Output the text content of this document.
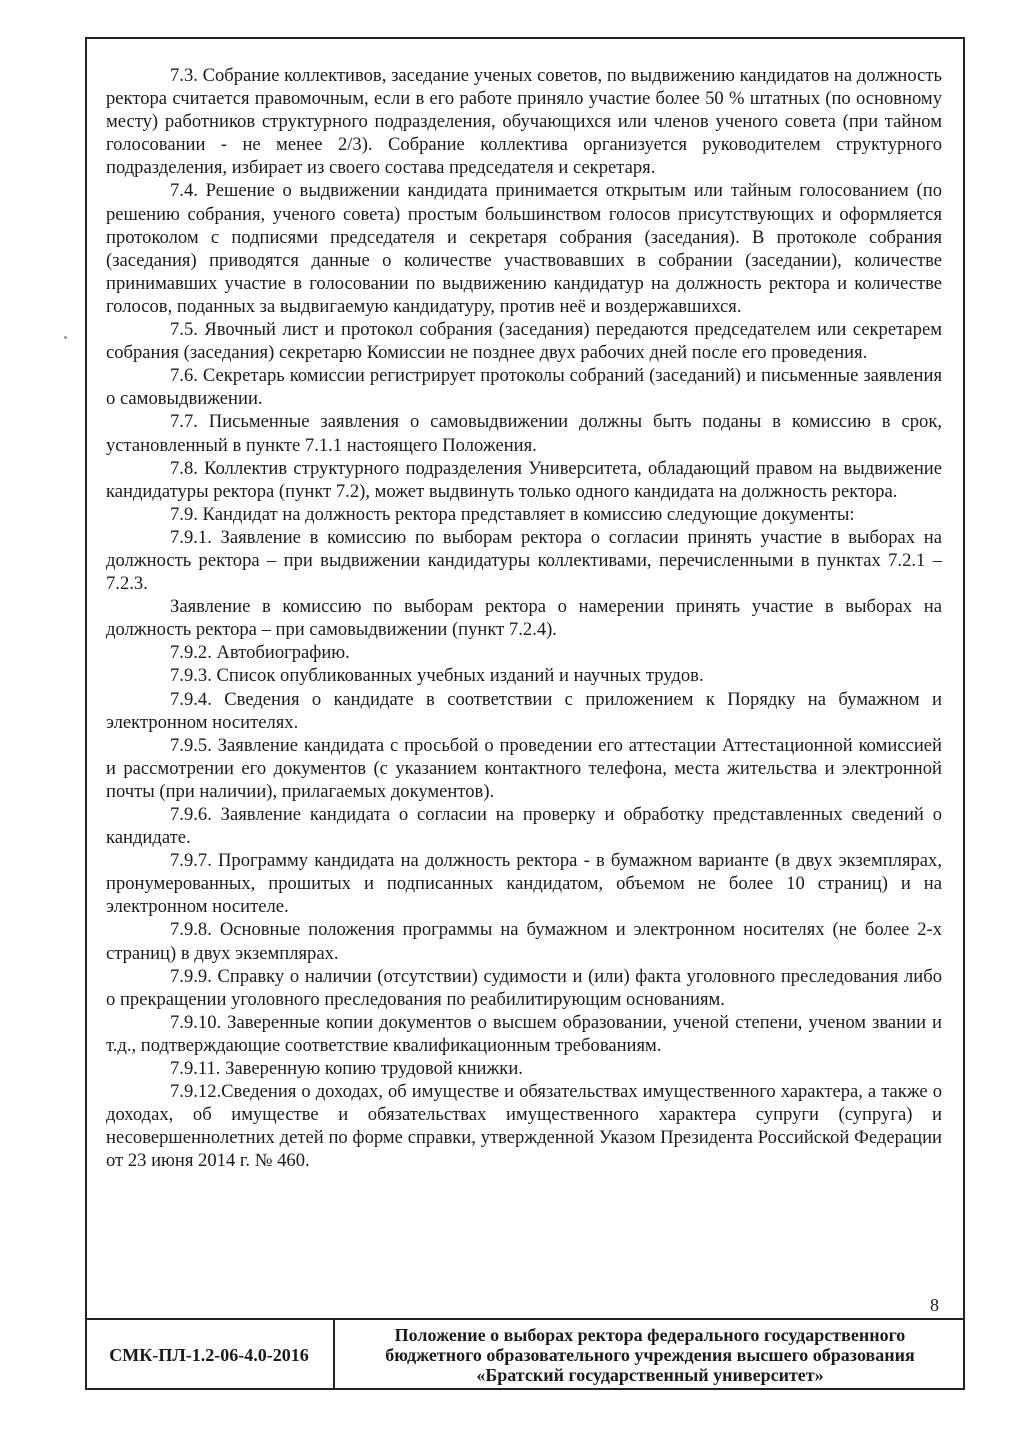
7.3. Собрание коллективов, заседание ученых советов, по выдвижению кандидатов на должность ректора считается правомочным, если в его работе приняло участие более 50 % штатных (по основному месту) работников структурного подразделения, обучающихся или членов ученого совета (при тайном голосовании - не менее 2/3). Собрание коллектива организуется руководителем структурного подразделения, избирает из своего состава председателя и секретаря.

7.4. Решение о выдвижении кандидата принимается открытым или тайным голосованием (по решению собрания, ученого совета) простым большинством голосов присутствующих и оформляется протоколом с подписями председателя и секретаря собрания (заседания). В протоколе собрания (заседания) приводятся данные о количестве участвовавших в собрании (заседании), количестве принимавших участие в голосовании по выдвижению кандидатур на должность ректора и количестве голосов, поданных за выдвигаемую кандидатуру, против неё и воздержавшихся.

7.5. Явочный лист и протокол собрания (заседания) передаются председателем или секретарем собрания (заседания) секретарю Комиссии не позднее двух рабочих дней после его проведения.

7.6. Секретарь комиссии регистрирует протоколы собраний (заседаний) и письменные заявления о самовыдвижении.

7.7. Письменные заявления о самовыдвижении должны быть поданы в комиссию в срок, установленный в пункте 7.1.1 настоящего Положения.

7.8. Коллектив структурного подразделения Университета, обладающий правом на выдвижение кандидатуры ректора (пункт 7.2), может выдвинуть только одного кандидата на должность ректора.

7.9. Кандидат на должность ректора представляет в комиссию следующие документы:

7.9.1. Заявление в комиссию по выборам ректора о согласии принять участие в выборах на должность ректора – при выдвижении кандидатуры коллективами, перечисленными в пунктах 7.2.1 – 7.2.3.

Заявление в комиссию по выборам ректора о намерении принять участие в выборах на должность ректора – при самовыдвижении (пункт 7.2.4).

7.9.2. Автобиографию.

7.9.3. Список опубликованных учебных изданий и научных трудов.

7.9.4. Сведения о кандидате в соответствии с приложением к Порядку на бумажном и электронном носителях.

7.9.5. Заявление кандидата с просьбой о проведении его аттестации Аттестационной комиссией и рассмотрении его документов (с указанием контактного телефона, места жительства и электронной почты (при наличии), прилагаемых документов).

7.9.6. Заявление кандидата о согласии на проверку и обработку представленных сведений о кандидате.

7.9.7. Программу кандидата на должность ректора - в бумажном варианте (в двух экземплярах, пронумерованных, прошитых и подписанных кандидатом, объемом не более 10 страниц) и на электронном носителе.

7.9.8. Основные положения программы на бумажном и электронном носителях (не более 2-х страниц) в двух экземплярах.

7.9.9. Справку о наличии (отсутствии) судимости и (или) факта уголовного преследования либо о прекращении уголовного преследования по реабилитирующим основаниям.

7.9.10. Заверенные копии документов о высшем образовании, ученой степени, ученом звании и т.д., подтверждающие соответствие квалификационным требованиям.

7.9.11. Заверенную копию трудовой книжки.

7.9.12.Сведения о доходах, об имуществе и обязательствах имущественного характера, а также о доходах, об имуществе и обязательствах имущественного характера супруги (супруга) и несовершеннолетних детей по форме справки, утвержденной Указом Президента Российской Федерации от 23 июня 2014 г. № 460.

8
СМК-ПЛ-1.2-06-4.0-2016
Положение о выборах ректора федерального государственного
бюджетного образовательного учреждения высшего образования
«Братский государственный университет»
